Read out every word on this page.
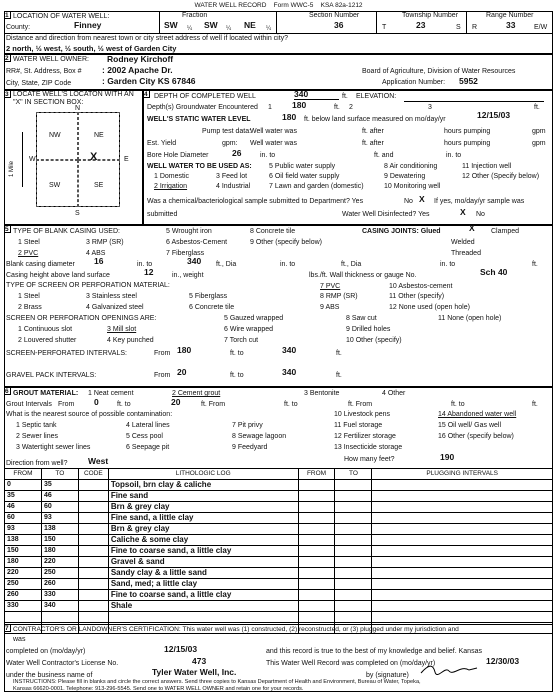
WATER WELL RECORD Form WWC-5 KSA 82a-1212
1 LOCATION OF WATER WELL:
County:	Finney
Fraction
SW ¼ SW ¼ NE ¼
Section Number
36
Township Number
T	23	S
Range Number
R	33	E/W
Distance and direction from nearest town or city street address of well if located within city?
2 north, ½ west, ½ south, ½ west of Garden City
2 WATER WELL OWNER: Rodney Kirchoff
RR#, St. Address, Box # : 2002 Apache Dr.
City, State, ZIP Code	: Garden City KS 67846
Board of Agriculture, Division of Water Resources
Application Number: 5952
3 LOCATE WELL'S LOCATON WITH AN "X" IN SECTION BOX:
N
S
W	E
NW	NE
SW	SE
X
1 Mile
4 DEPTH OF COMPLETED WELL	340	ft. ELEVATION:
Depth(s) Groundwater Encountered 1 180	ft. 2	3	ft.
WELL'S STATIC WATER LEVEL	180 ft. below land surface measured on mo/day/yr	12/15/03
Pump test data:
Well water was	ft. after	hours pumping	gpm
Est. Yield	gpm: Well water was	ft. after	hours pumping	gpm
Bore Hole Diameter	26	in. to	ft. and	in. to
WELL WATER TO BE USED AS:
1 Domestic
2 Irrigation
3 Feed lot
4 Industrial
5 Public water supply
6 Oil field water supply
7 Lawn and garden (domestic)
8 Air conditioning
9 Dewatering
10 Monitoring well
11 Injection well
12 Other (Specify below)
Was a chemical/bacteriological sample submitted to Department? Yes	No X If yes, mo/day/yr sample was
submitted	Water Well Disinfected? Yes	X No
5 TYPE OF BLANK CASING USED:
1 Steel
2 PVC
3 RMP (SR)
4 ABS
5 Wrought iron
6 Asbestos-Cement
7 Fiberglass
8 Concrete tile
9 Other (specify below)
CASING JOINTS: Glued	X Clamped
Welded
Threaded
Blank casing diameter 16	in. to	340 ft., Dia	in. to	ft., Dia	in. to	ft.
Casing height above land surface	12	in., weight	lbs./ft. Wall thickness or gauge No.	Sch 40
TYPE OF SCREEN OR PERFORATION MATERIAL:
1 Steel
2 Brass
3 Stainless steel
4 Galvanized steel
5 Fiberglass
6 Concrete tile
7 PVC
8 RMP (SR)
9 ABS
10 Asbestos-cement
11 Other (specify)
12 None used (open hole)
SCREEN OR PERFORATION OPENINGS ARE:
1 Continuous slot
2 Louvered shutter
3 Mill slot
4 Key punched
5 Gauzed wrapped
6 Wire wrapped
7 Torch cut
8 Saw cut
9 Drilled holes
10 Other (specify)
11 None (open hole)
SCREEN-PERFORATED INTERVALS:	From 180	ft. to	340	ft.
GRAVEL PACK INTERVALS:	From 20	ft. to	340	ft.
6 GROUT MATERIAL: 1 Neat cement	2 Cement grout	3 Bentonite	4 Other
Grout Intervals From 0	ft. to	20	ft. From	ft. to	ft. From	ft. to	ft.
What is the nearest source of possible contamination:
1 Septic tank
2 Sewer lines
3 Watertight sewer lines
4 Lateral lines
5 Cess pool
6 Seepage pit
7 Pit privy
8 Sewage lagoon
9 Feedyard
10 Livestock pens
11 Fuel storage
12 Fertilizer storage
13 Insecticide storage
14 Abandoned water well
15 Oil well/ Gas well
16 Other (specify below)
Direction from well? West	How many feet?	190
FROM	TO	CODE	LITHOLOGIC LOG	FROM	TO	PLUGGING INTERVALS
0	35		Topsoil, brn clay & caliche			
35	46		Fine sand			
46	60		Brn & grey clay			
60	93		Fine sand, a little clay			
93	138		Brn & grey clay			
138	150		Caliche & some clay			
150	180		Fine to coarse sand, a little clay			
180	220		Gravel & sand			
220	250		Sandy clay & a little sand			
250	260		Sand, med; a little clay			
260	330		Fine to coarse sand, a little clay			
330	340		Shale			

7 CONTRACTOR'S OR LANDOWNER'S CERTIFICATION: This water well was (1) constructed, (2) reconstructed, or (3) plugged under my jurisdiction and
was
completed on (mo/day/yr)	12/15/03	and this record is true to the best of my knowledge and belief. Kansas
Water Well Contractor's License No.	473	This Water Well Record was completed on (mo/day/yr)	12/30/03
under the business name of	Tyler Water Well, Inc.	by (signature)
INSTRUCTIONS: Please fill in blanks and circle the correct answers. Send three copies to Kansas Department of Health and Environment, Bureau of Water, Topeka,
Kansas 66620-0001. Telephone: 913-296-5545. Send one to WATER WELL OWNER and retain one for your records.
